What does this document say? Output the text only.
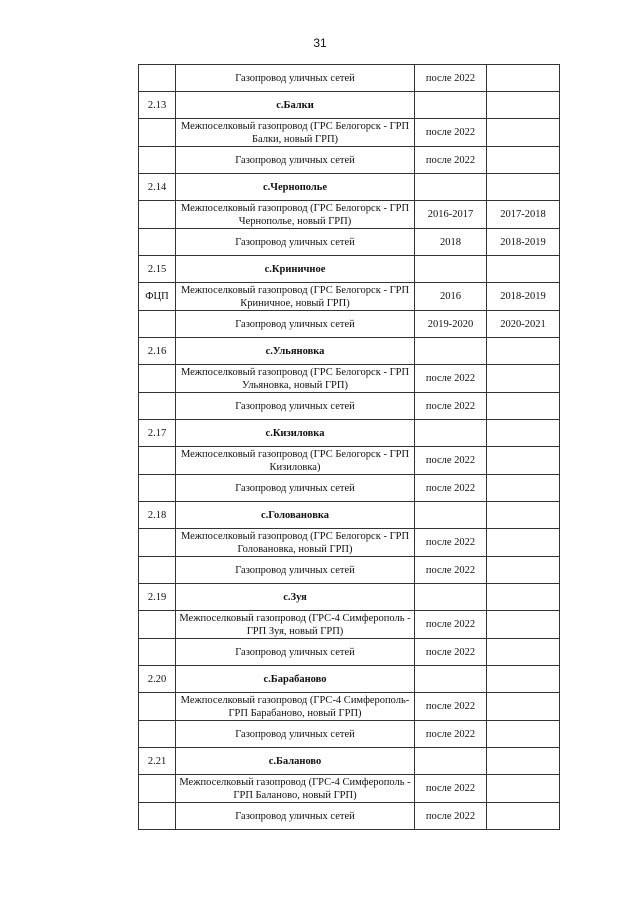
31
	Газопровод уличных сетей	после 2022	
2.13	с.Балки		
	Межпоселковый газопровод (ГРС Белогорск - ГРП Балки, новый ГРП)	после 2022	
	Газопровод уличных сетей	после 2022	
2.14	с.Чернополье		
	Межпоселковый газопровод (ГРС Белогорск - ГРП Чернополье, новый ГРП)	2016-2017	2017-2018
	Газопровод уличных сетей	2018	2018-2019
2.15	с.Криничное		
ФЦП	Межпоселковый газопровод (ГРС Белогорск - ГРП Криничное, новый ГРП)	2016	2018-2019
	Газопровод уличных сетей	2019-2020	2020-2021
2.16	с.Ульяновка		
	Межпоселковый газопровод (ГРС Белогорск - ГРП Ульяновка, новый ГРП)	после 2022	
	Газопровод уличных сетей	после 2022	
2.17	с.Кизиловка		
	Межпоселковый газопровод (ГРС Белогорск - ГРП Кизиловка)	после 2022	
	Газопровод уличных сетей	после 2022	
2.18	с.Голованoвка		
	Межпоселковый газопровод (ГРС Белогорск - ГРП Голованoвка, новый ГРП)	после 2022	
	Газопровод уличных сетей	после 2022	
2.19	с.Зуя		
	Межпоселковый газопровод (ГРС-4 Симферополь - ГРП Зуя, новый ГРП)	после 2022	
	Газопровод уличных сетей	после 2022	
2.20	с.Барабаново		
	Межпоселковый газопровод (ГРС-4 Симферополь- ГРП Барабаново, новый ГРП)	после 2022	
	Газопровод уличных сетей	после 2022	
2.21	с.Баланово		
	Межпоселковый газопровод (ГРС-4 Симферополь - ГРП Баланово, новый ГРП)	после 2022	
	Газопровод уличных сетей	после 2022	
